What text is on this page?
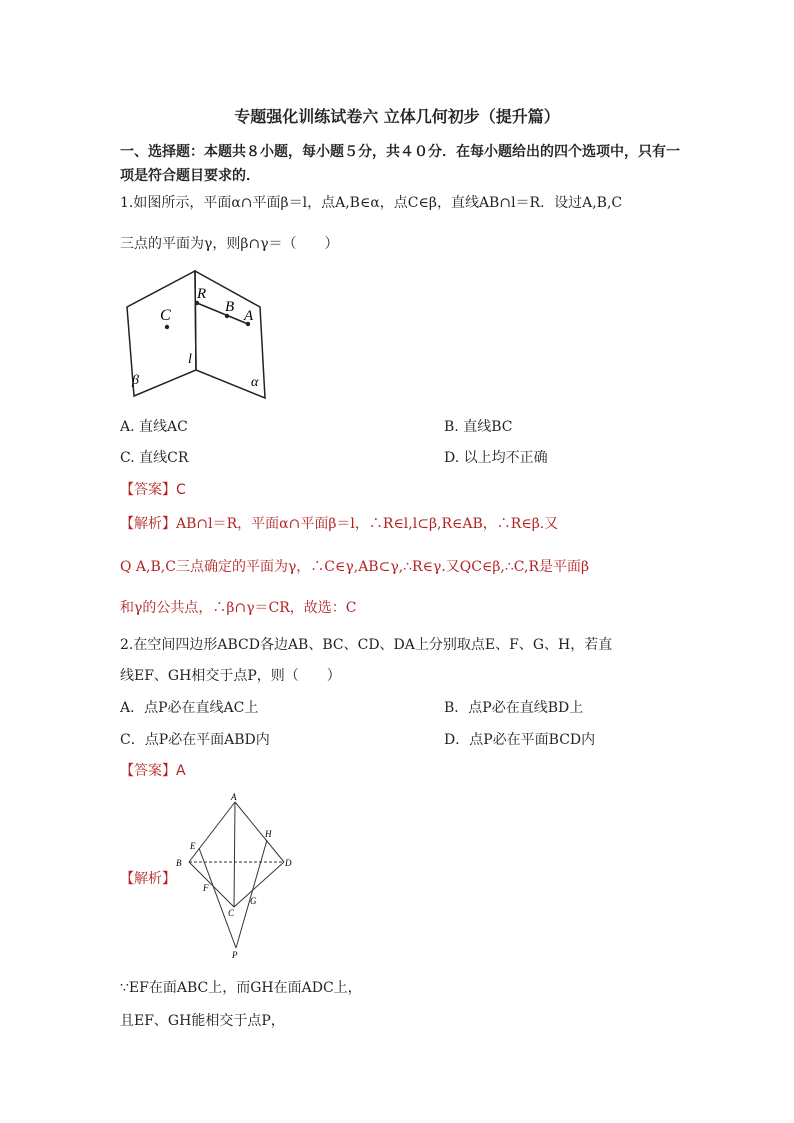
专题强化训练试卷六 立体几何初步（提升篇）
一、选择题：本题共８小题，每小题５分，共４０分．在每小题给出的四个选项中，只有一
项是符合题目要求的．
1.如图所示，平面α∩平面β＝l，点A,B∈α，点C∈β，直线AB∩l＝R．设过A,B,C
三点的平面为γ，则β∩γ＝（　　）
R
B
A
C
l
β	α
A. 直线AC	B. 直线BC
C. 直线CR	D. 以上均不正确
【答案】C
【解析】AB∩l＝R，平面α∩平面β＝l，∴R∈l,l⊂β,R∈AB，∴R∈β.又
Q A,B,C三点确定的平面为γ，∴C∈γ,AB⊂γ,∴R∈γ.又QC∈β,∴C,R是平面β
和γ的公共点，∴β∩γ＝CR，故选：C
2.在空间四边形ABCD各边AB、BC、CD、DA上分别取点E、F、G、H，若直
线EF、GH相交于点P，则（　　）
A．点P必在直线AC上	B．点P必在直线BD上
C．点P必在平面ABD内	D．点P必在平面BCD内
【答案】A
【解析】
A
B
C
D
E
F
G
H
P
∵EF在面ABC上，而GH在面ADC上，
且EF、GH能相交于点P，
